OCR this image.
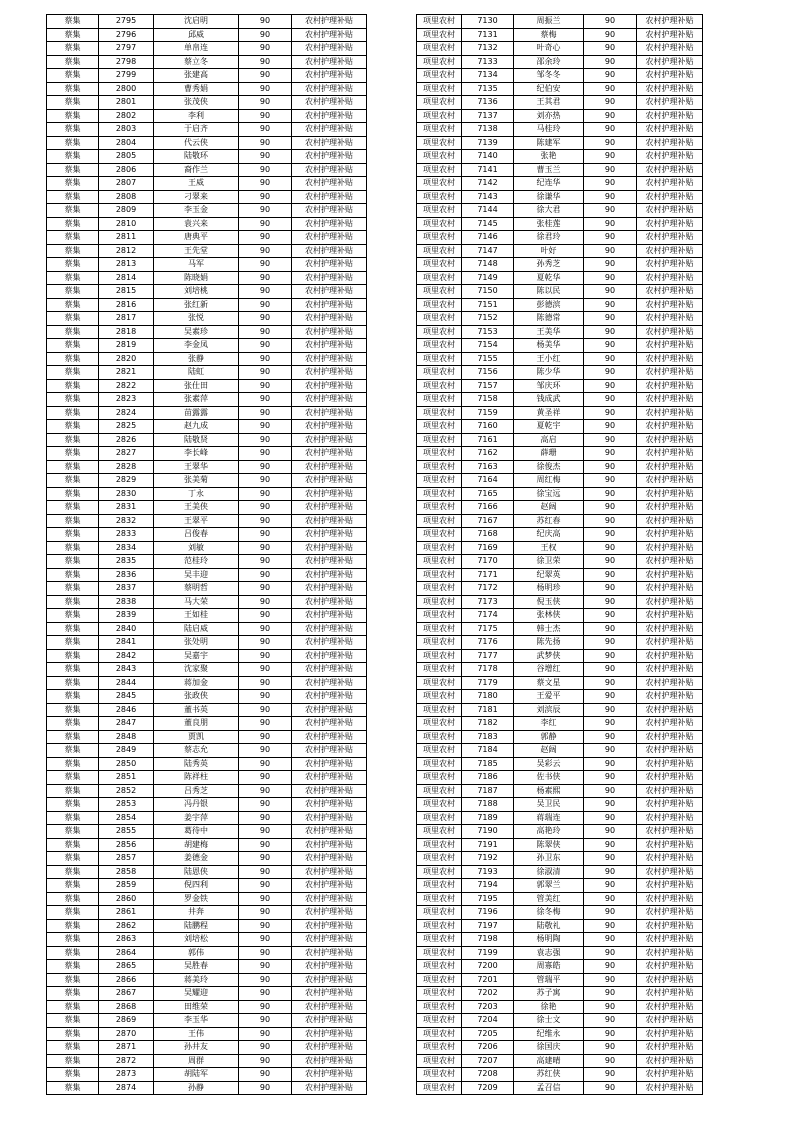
蔡集	2795	沈启明	90	农村护理补贴
蔡集	2796	邱威	90	农村护理补贴
蔡集	2797	单帛连	90	农村护理补贴
蔡集	2798	蔡立冬	90	农村护理补贴
蔡集	2799	张建高	90	农村护理补贴
蔡集	2800	曹秀娟	90	农村护理补贴
蔡集	2801	张茂侠	90	农村护理补贴
蔡集	2802	李利	90	农村护理补贴
蔡集	2803	于启齐	90	农村护理补贴
蔡集	2804	代云侠	90	农村护理补贴
蔡集	2805	陆敬环	90	农村护理补贴
蔡集	2806	裔作兰	90	农村护理补贴
蔡集	2807	王威	90	农村护理补贴
蔡集	2808	刁翠来	90	农村护理补贴
蔡集	2809	李玉金	90	农村护理补贴
蔡集	2810	袁兴来	90	农村护理补贴
蔡集	2811	唐典平	90	农村护理补贴
蔡集	2812	王先堂	90	农村护理补贴
蔡集	2813	马军	90	农村护理补贴
蔡集	2814	陈晓娟	90	农村护理补贴
蔡集	2815	刘培桃	90	农村护理补贴
蔡集	2816	张红新	90	农村护理补贴
蔡集	2817	张悦	90	农村护理补贴
蔡集	2818	吴素珍	90	农村护理补贴
蔡集	2819	李金凤	90	农村护理补贴
蔡集	2820	张静	90	农村护理补贴
蔡集	2821	陆虹	90	农村护理补贴
蔡集	2822	张仕田	90	农村护理补贴
蔡集	2823	张素萍	90	农村护理补贴
蔡集	2824	苗露露	90	农村护理补贴
蔡集	2825	赵九成	90	农村护理补贴
蔡集	2826	陆敬贤	90	农村护理补贴
蔡集	2827	李长峰	90	农村护理补贴
蔡集	2828	王翠华	90	农村护理补贴
蔡集	2829	张美菊	90	农村护理补贴
蔡集	2830	丁永	90	农村护理补贴
蔡集	2831	王美侠	90	农村护理补贴
蔡集	2832	王翠平	90	农村护理补贴
蔡集	2833	吕俊春	90	农村护理补贴
蔡集	2834	刘敏	90	农村护理补贴
蔡集	2835	范桂玲	90	农村护理补贴
蔡集	2836	吴丰迎	90	农村护理补贴
蔡集	2837	蔡明哲	90	农村护理补贴
蔡集	2838	马大荣	90	农村护理补贴
蔡集	2839	王如桂	90	农村护理补贴
蔡集	2840	陆启威	90	农村护理补贴
蔡集	2841	张处明	90	农村护理补贴
蔡集	2842	吴嘉宇	90	农村护理补贴
蔡集	2843	沈家聚	90	农村护理补贴
蔡集	2844	蒋加金	90	农村护理补贴
蔡集	2845	张政侠	90	农村护理补贴
蔡集	2846	董书英	90	农村护理补贴
蔡集	2847	董良朋	90	农村护理补贴
蔡集	2848	贾凯	90	农村护理补贴
蔡集	2849	蔡志允	90	农村护理补贴
蔡集	2850	陆秀英	90	农村护理补贴
蔡集	2851	陈祥柱	90	农村护理补贴
蔡集	2852	吕秀芝	90	农村护理补贴
蔡集	2853	冯丹银	90	农村护理补贴
蔡集	2854	姜宇萍	90	农村护理补贴
蔡集	2855	葛待中	90	农村护理补贴
蔡集	2856	胡建梅	90	农村护理补贴
蔡集	2857	姜德金	90	农村护理补贴
蔡集	2858	陆恩侠	90	农村护理补贴
蔡集	2859	倪四利	90	农村护理补贴
蔡集	2860	罗金铁	90	农村护理补贴
蔡集	2861	井奔	90	农村护理补贴
蔡集	2862	陆鹏程	90	农村护理补贴
蔡集	2863	刘培松	90	农村护理补贴
蔡集	2864	郭伟	90	农村护理补贴
蔡集	2865	吴胜春	90	农村护理补贴
蔡集	2866	蒋美玲	90	农村护理补贴
蔡集	2867	吴耀迎	90	农村护理补贴
蔡集	2868	田维荣	90	农村护理补贴
蔡集	2869	李玉华	90	农村护理补贴
蔡集	2870	王伟	90	农村护理补贴
蔡集	2871	孙井友	90	农村护理补贴
蔡集	2872	周群	90	农村护理补贴
蔡集	2873	胡陆军	90	农村护理补贴
蔡集	2874	孙静	90	农村护理补贴
项里农村	7130	周振兰	90	农村护理补贴
项里农村	7131	蔡梅	90	农村护理补贴
项里农村	7132	叶奇心	90	农村护理补贴
项里农村	7133	邵余玲	90	农村护理补贴
项里农村	7134	邹冬冬	90	农村护理补贴
项里农村	7135	纪伯安	90	农村护理补贴
项里农村	7136	王其君	90	农村护理补贴
项里农村	7137	刘亦热	90	农村护理补贴
项里农村	7138	马桂玲	90	农村护理补贴
项里农村	7139	陈建军	90	农村护理补贴
项里农村	7140	张艳	90	农村护理补贴
项里农村	7141	曹玉兰	90	农村护理补贴
项里农村	7142	纪连华	90	农村护理补贴
项里农村	7143	徐谦华	90	农村护理补贴
项里农村	7144	徐大君	90	农村护理补贴
项里农村	7145	张桂莲	90	农村护理补贴
项里农村	7146	徐君玲	90	农村护理补贴
项里农村	7147	叶好	90	农村护理补贴
项里农村	7148	孙秀芝	90	农村护理补贴
项里农村	7149	夏乾华	90	农村护理补贴
项里农村	7150	陈以民	90	农村护理补贴
项里农村	7151	彭德滨	90	农村护理补贴
项里农村	7152	陈德常	90	农村护理补贴
项里农村	7153	王美华	90	农村护理补贴
项里农村	7154	杨美华	90	农村护理补贴
项里农村	7155	王小红	90	农村护理补贴
项里农村	7156	陈少华	90	农村护理补贴
项里农村	7157	邹庆环	90	农村护理补贴
项里农村	7158	钱成武	90	农村护理补贴
项里农村	7159	黄圣祥	90	农村护理补贴
项里农村	7160	夏乾宇	90	农村护理补贴
项里农村	7161	高启	90	农村护理补贴
项里农村	7162	薛珊	90	农村护理补贴
项里农村	7163	徐俊杰	90	农村护理补贴
项里农村	7164	周红梅	90	农村护理补贴
项里农村	7165	徐宝远	90	农村护理补贴
项里农村	7166	赵阔	90	农村护理补贴
项里农村	7167	苏红春	90	农村护理补贴
项里农村	7168	纪庆高	90	农村护理补贴
项里农村	7169	王权	90	农村护理补贴
项里农村	7170	徐卫荣	90	农村护理补贴
项里农村	7171	纪翠英	90	农村护理补贴
项里农村	7172	杨明珍	90	农村护理补贴
项里农村	7173	倪玉侠	90	农村护理补贴
项里农村	7174	张林侠	90	农村护理补贴
项里农村	7175	韩士杰	90	农村护理补贴
项里农村	7176	陈先扬	90	农村护理补贴
项里农村	7177	武梦侠	90	农村护理补贴
项里农村	7178	谷增红	90	农村护理补贴
项里农村	7179	蔡文星	90	农村护理补贴
项里农村	7180	王爱平	90	农村护理补贴
项里农村	7181	刘滨辰	90	农村护理补贴
项里农村	7182	李红	90	农村护理补贴
项里农村	7183	郭静	90	农村护理补贴
项里农村	7184	赵阔	90	农村护理补贴
项里农村	7185	吴彩云	90	农村护理补贴
项里农村	7186	佐书侠	90	农村护理补贴
项里农村	7187	杨素熙	90	农村护理补贴
项里农村	7188	吴卫民	90	农村护理补贴
项里农村	7189	蒋瑞连	90	农村护理补贴
项里农村	7190	高艳玲	90	农村护理补贴
项里农村	7191	陈翠侠	90	农村护理补贴
项里农村	7192	孙卫东	90	农村护理补贴
项里农村	7193	徐淑清	90	农村护理补贴
项里农村	7194	郭翠兰	90	农村护理补贴
项里农村	7195	管美红	90	农村护理补贴
项里农村	7196	徐冬梅	90	农村护理补贴
项里农村	7197	陆敬礼	90	农村护理补贴
项里农村	7198	杨明陶	90	农村护理补贴
项里农村	7199	袁志强	90	农村护理补贴
项里农村	7200	周寡皓	90	农村护理补贴
项里农村	7201	管瑞平	90	农村护理补贴
项里农村	7202	苏子寓	90	农村护理补贴
项里农村	7203	徐艳	90	农村护理补贴
项里农村	7204	徐士文	90	农村护理补贴
项里农村	7205	纪维永	90	农村护理补贴
项里农村	7206	徐国庆	90	农村护理补贴
项里农村	7207	高建晴	90	农村护理补贴
项里农村	7208	苏红侠	90	农村护理补贴
项里农村	7209	孟召信	90	农村护理补贴
